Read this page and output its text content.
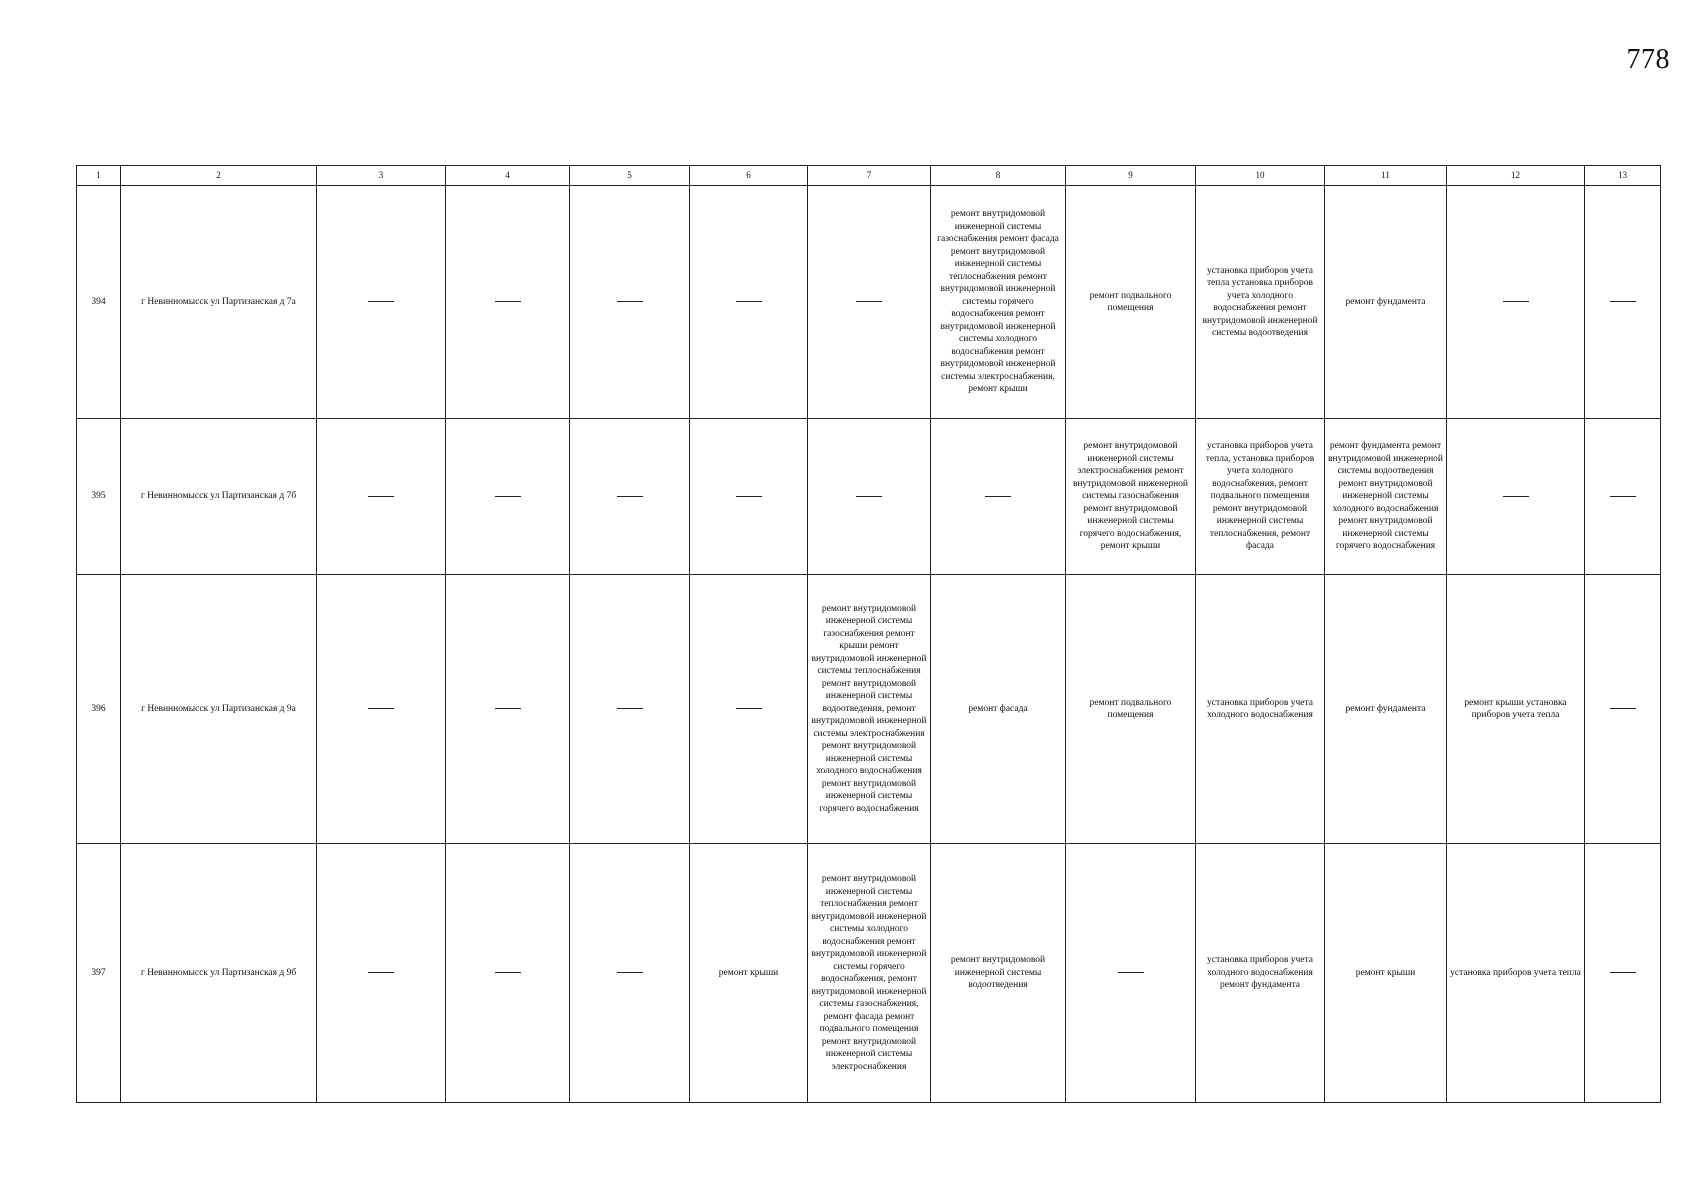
778
1	2	3	4	5	6	7	8	9	10	11	12	13
394	г Невинномысск ул Партизанская д 7а						ремонт внутридомовой инженерной системы газоснабжения ремонт фасада ремонт внутридомовой инженерной системы теплоснабжения ремонт внутридомовой инженерной системы горячего водоснабжения ремонт внутридомовой инженерной системы холодного водоснабжения ремонт внутридомовой инженерной системы электроснабжения, ремонт крыши	ремонт подвального помещения	установка приборов учета тепла установка приборов учета холодного водоснабжения ремонт внутридомовой инженерной системы водоотведения	ремонт фундамента		

395	г Невинномысск ул Партизанская д 7б							ремонт внутридомовой инженерной системы электроснабжения ремонт внутридомовой инженерной системы газоснабжения ремонт внутридомовой инженерной системы горячего водоснабжения, ремонт крыши	установка приборов учета тепла, установка приборов учета холодного водоснабжения, ремонт подвального помещения ремонт внутридомовой инженерной системы теплоснабжения, ремонт фасада	ремонт фундамента ремонт внутридомовой инженерной системы водоотведения ремонт внутридомовой инженерной системы холодного водоснабжения ремонт внутридомовой инженерной системы горячего водоснабжения		

396	г Невинномысск ул Партизанская д 9а					ремонт внутридомовой инженерной системы газоснабжения ремонт крыши ремонт внутридомовой инженерной системы теплоснабжения ремонт внутридомовой инженерной системы водоотведения, ремонт внутридомовой инженерной системы электроснабжения ремонт внутридомовой инженерной системы холодного водоснабжения ремонт внутридомовой инженерной системы горячего водоснабжения	ремонт фасада	ремонт подвального помещения	установка приборов учета холодного водоснабжения	ремонт фундамента	ремонт крыши установка приборов учета тепла	

397	г Невинномысск ул Партизанская д 9б				ремонт крыши	ремонт внутридомовой инженерной системы теплоснабжения ремонт внутридомовой инженерной системы холодного водоснабжения ремонт внутридомовой инженерной системы горячего водоснабжения, ремонт внутридомовой инженерной системы газоснабжения, ремонт фасада ремонт подвального помещения ремонт внутридомовой инженерной системы электроснабжения	ремонт внутридомовой инженерной системы водоотведения		установка приборов учета холодного водоснабжения ремонт фундамента	ремонт крыши	установка приборов учета тепла	
